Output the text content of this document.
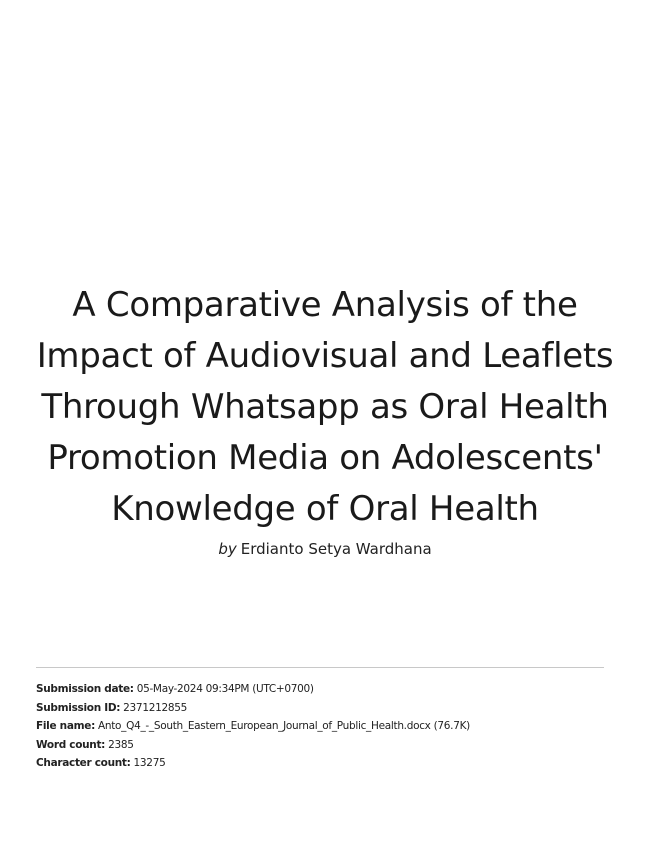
A Comparative Analysis of the Impact of Audiovisual and Leaflets Through Whatsapp as Oral Health Promotion Media on Adolescents' Knowledge of Oral Health
by Erdianto Setya Wardhana
Submission date: 05-May-2024 09:34PM (UTC+0700)
Submission ID: 2371212855
File name: Anto_Q4_-_South_Eastern_European_Journal_of_Public_Health.docx (76.7K)
Word count: 2385
Character count: 13275
